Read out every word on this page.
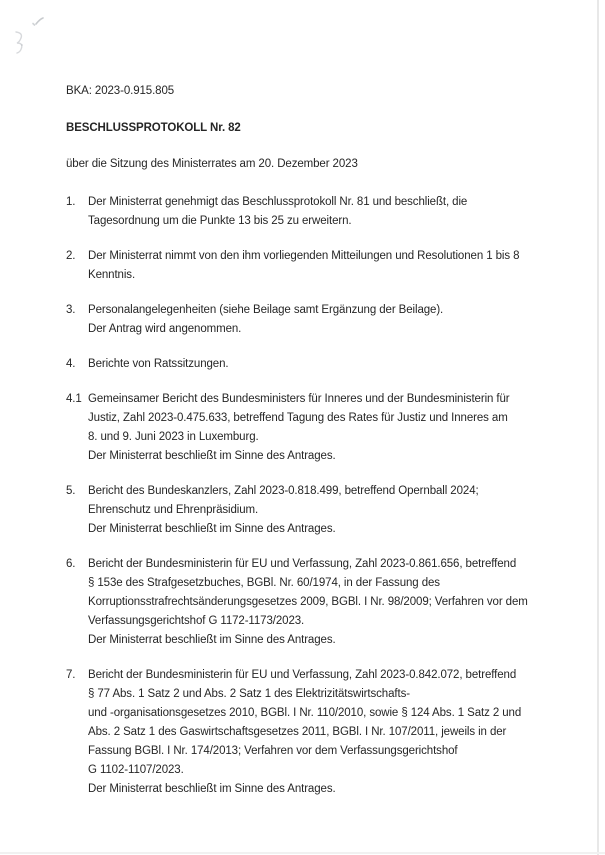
BKA: 2023-0.915.805
BESCHLUSSPROTOKOLL Nr. 82
über die Sitzung des Ministerrates am 20. Dezember 2023
1.	Der Ministerrat genehmigt das Beschlussprotokoll Nr. 81 und beschließt, die
Tagesordnung um die Punkte 13 bis 25 zu erweitern.
2.	Der Ministerrat nimmt von den ihm vorliegenden Mitteilungen und Resolutionen 1 bis 8
Kenntnis.
3.	Personalangelegenheiten (siehe Beilage samt Ergänzung der Beilage).
Der Antrag wird angenommen.
4.	Berichte von Ratssitzungen.
4.1 Gemeinsamer Bericht des Bundesministers für Inneres und der Bundesministerin für
Justiz, Zahl 2023-0.475.633, betreffend Tagung des Rates für Justiz und Inneres am
8. und 9. Juni 2023 in Luxemburg.
Der Ministerrat beschließt im Sinne des Antrages.
5.	Bericht des Bundeskanzlers, Zahl 2023-0.818.499, betreffend Opernball 2024;
Ehrenschutz und Ehrenpräsidium.
Der Ministerrat beschließt im Sinne des Antrages.
6.	Bericht der Bundesministerin für EU und Verfassung, Zahl 2023-0.861.656, betreffend
§ 153e des Strafgesetzbuches, BGBl. Nr. 60/1974, in der Fassung des
Korruptionsstrafrechtsänderungsgesetzes 2009, BGBl. I Nr. 98/2009; Verfahren vor dem
Verfassungsgerichtshof G 1172-1173/2023.
Der Ministerrat beschließt im Sinne des Antrages.
7.	Bericht der Bundesministerin für EU und Verfassung, Zahl 2023-0.842.072, betreffend
§ 77 Abs. 1 Satz 2 und Abs. 2 Satz 1 des Elektrizitätswirtschafts-
und -organisationsgesetzes 2010, BGBl. I Nr. 110/2010, sowie § 124 Abs. 1 Satz 2 und
Abs. 2 Satz 1 des Gaswirtschaftsgesetzes 2011, BGBl. I Nr. 107/2011, jeweils in der
Fassung BGBl. I Nr. 174/2013; Verfahren vor dem Verfassungsgerichtshof
G 1102-1107/2023.
Der Ministerrat beschließt im Sinne des Antrages.
